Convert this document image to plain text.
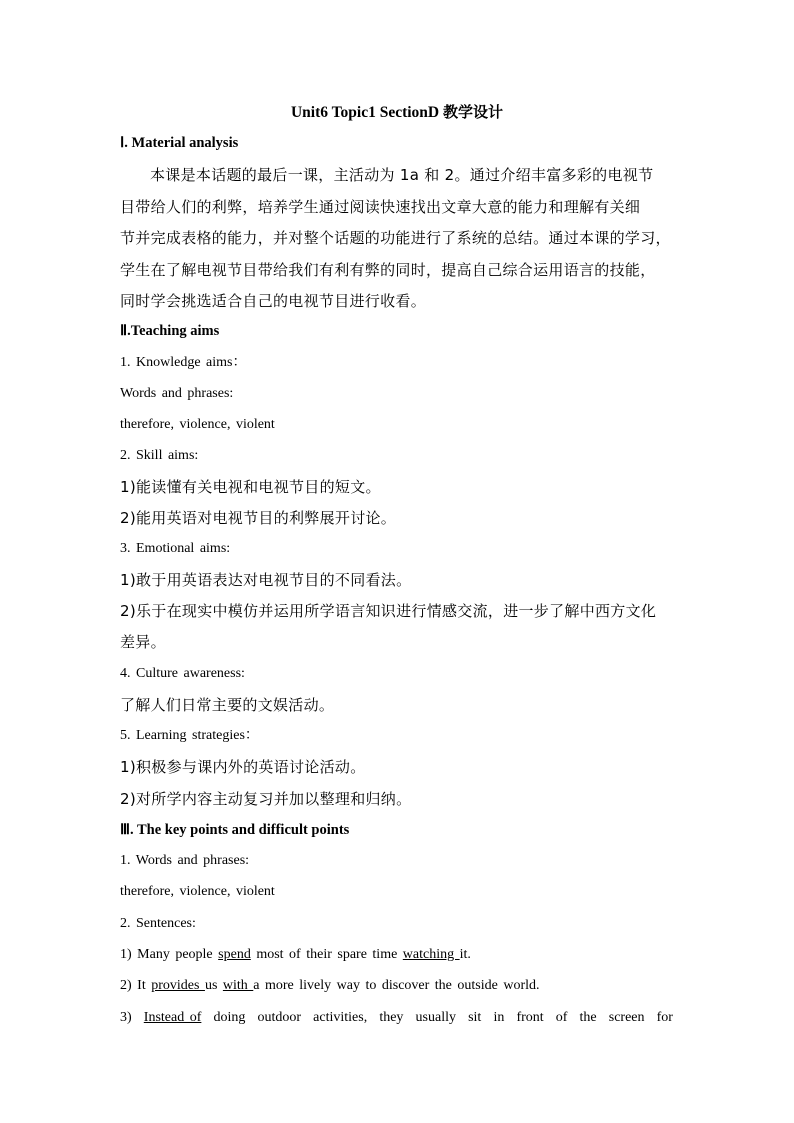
Unit6 Topic1 SectionD 教学设计
Ⅰ. Material analysis
本课是本话题的最后一课，主活动为 1a 和 2。通过介绍丰富多彩的电视节
目带给人们的利弊，培养学生通过阅读快速找出文章大意的能力和理解有关细
节并完成表格的能力，并对整个话题的功能进行了系统的总结。通过本课的学习，
学生在了解电视节目带给我们有利有弊的同时，提高自己综合运用语言的技能，
同时学会挑选适合自己的电视节目进行收看。
Ⅱ.Teaching aims
1. Knowledge aims：
Words and phrases:
therefore, violence, violent
2. Skill aims:
1)能读懂有关电视和电视节目的短文。
2)能用英语对电视节目的利弊展开讨论。
3. Emotional aims:
1)敢于用英语表达对电视节目的不同看法。
2)乐于在现实中模仿并运用所学语言知识进行情感交流，进一步了解中西方文化
差异。
4. Culture awareness:
了解人们日常主要的文娱活动。
5. Learning strategies：
1)积极参与课内外的英语讨论活动。
2)对所学内容主动复习并加以整理和归纳。
Ⅲ. The key points and difficult points
1. Words and phrases:
therefore, violence, violent
2. Sentences:
1) Many people spend most of their spare time watching it.
2) It provides us with a more lively way to discover the outside world.
3) Instead of doing outdoor activities, they usually sit in front of the screen for
